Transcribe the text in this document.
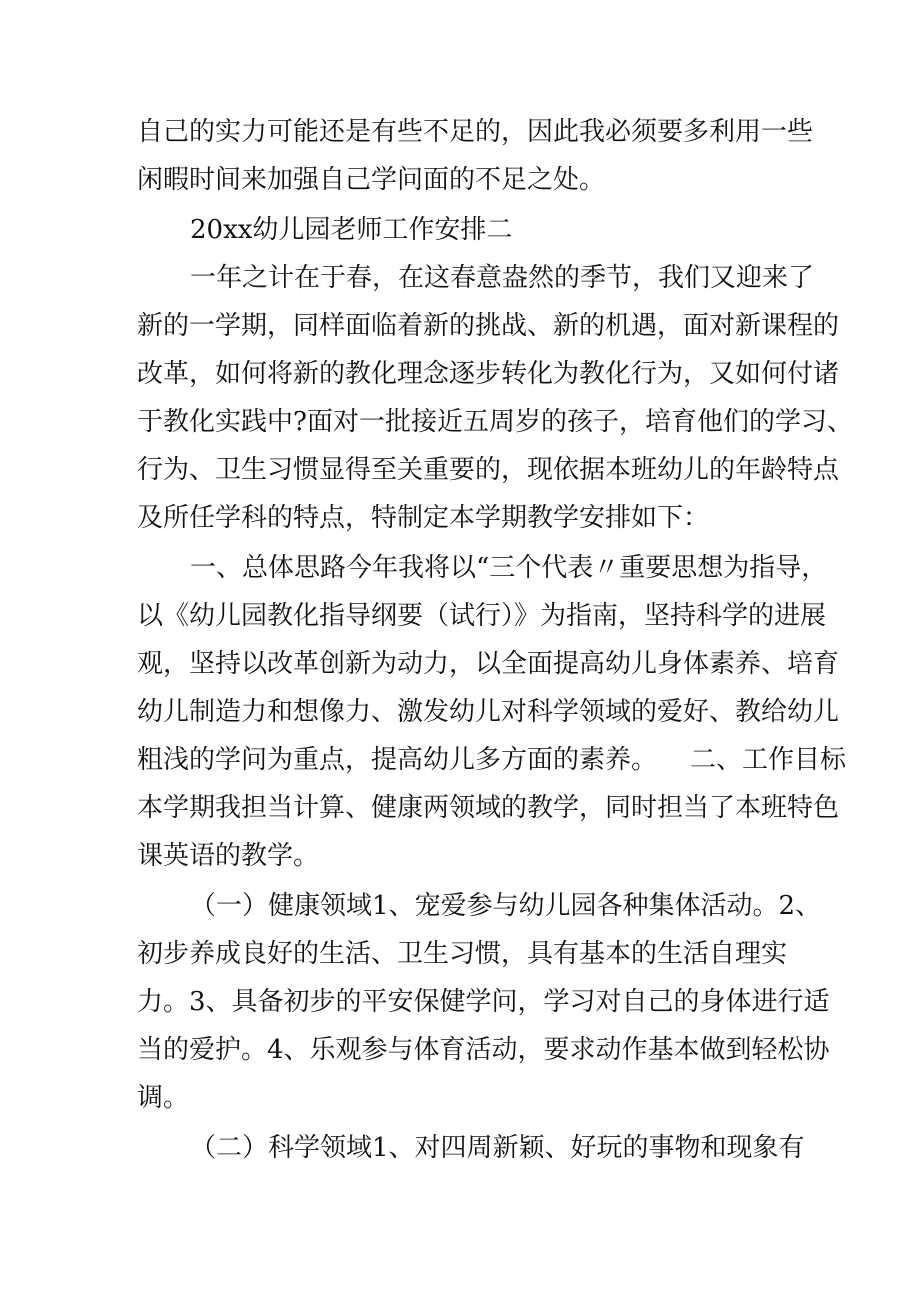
自己的实力可能还是有些不足的，因此我必须要多利用一些
闲暇时间来加强自己学问面的不足之处。
20xx幼儿园老师工作安排二
一年之计在于春，在这春意盎然的季节，我们又迎来了
新的一学期，同样面临着新的挑战、新的机遇，面对新课程的
改革，如何将新的教化理念逐步转化为教化行为，又如何付诸
于教化实践中?面对一批接近五周岁的孩子，培育他们的学习、
行为、卫生习惯显得至关重要的，现依据本班幼儿的年龄特点
及所任学科的特点，特制定本学期教学安排如下：
一、总体思路今年我将以“三个代表〃重要思想为指导，
以《幼儿园教化指导纲要（试行）》为指南，坚持科学的进展
观，坚持以改革创新为动力，以全面提高幼儿身体素养、培育
幼儿制造力和想像力、激发幼儿对科学领域的爱好、教给幼儿
粗浅的学问为重点，提高幼儿多方面的素养。    二、工作目标
本学期我担当计算、健康两领域的教学，同时担当了本班特色
课英语的教学。
（一）健康领域1、宠爱参与幼儿园各种集体活动。2、
初步养成良好的生活、卫生习惯，具有基本的生活自理实
力。3、具备初步的平安保健学问，学习对自己的身体进行适
当的爱护。4、乐观参与体育活动，要求动作基本做到轻松协
调。
（二）科学领域1、对四周新颖、好玩的事物和现象有
